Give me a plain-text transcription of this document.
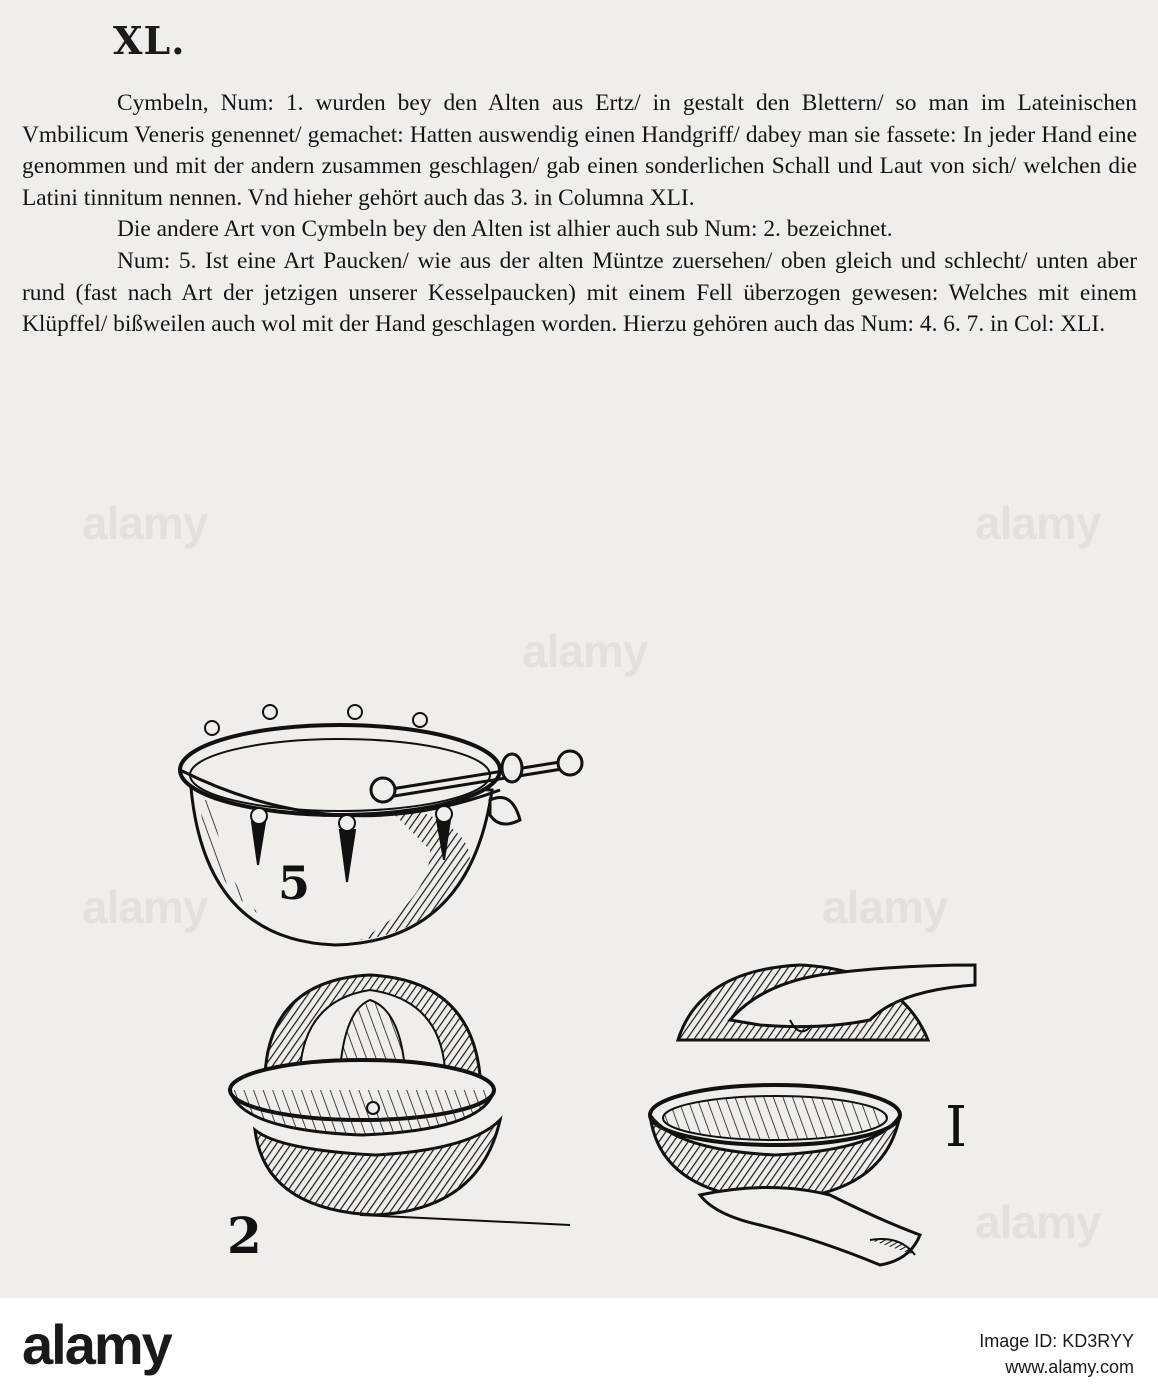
XL.

Cymbeln, Num: 1. wurden bey den Alten aus Ertz/ in gestalt den Blettern/ so man im Lateinischen Vmbilicum Veneris genennet/ gemachet: Hatten auswendig einen Handgriff/ dabey man sie fassete: In jeder Hand eine genommen und mit der andern zusammen geschlagen/ gab einen sonderlichen Schall und Laut von sich/ welchen die Latini tinnitum nennen. Vnd hieher gehört auch das 3. in Columna XLI.

Die andere Art von Cymbeln bey den Alten ist alhier auch sub Num: 2. bezeichnet.

Num: 5. Ist eine Art Paucken/ wie aus der alten Müntze zuersehen/ oben gleich und schlecht/ unten aber rund (fast nach Art der jetzigen unserer Kesselpaucken) mit einem Fell überzogen gewesen: Welches mit einem Klüpffel/ bißweilen auch wol mit der Hand geschlagen worden. Hierzu gehören auch das Num: 4. 6. 7. in Col: XLI.

5
2
I
alamy
alamy
alamy
alamy	alamy
alamy
alamy	Image ID: KD3RYY
www.alamy.com
